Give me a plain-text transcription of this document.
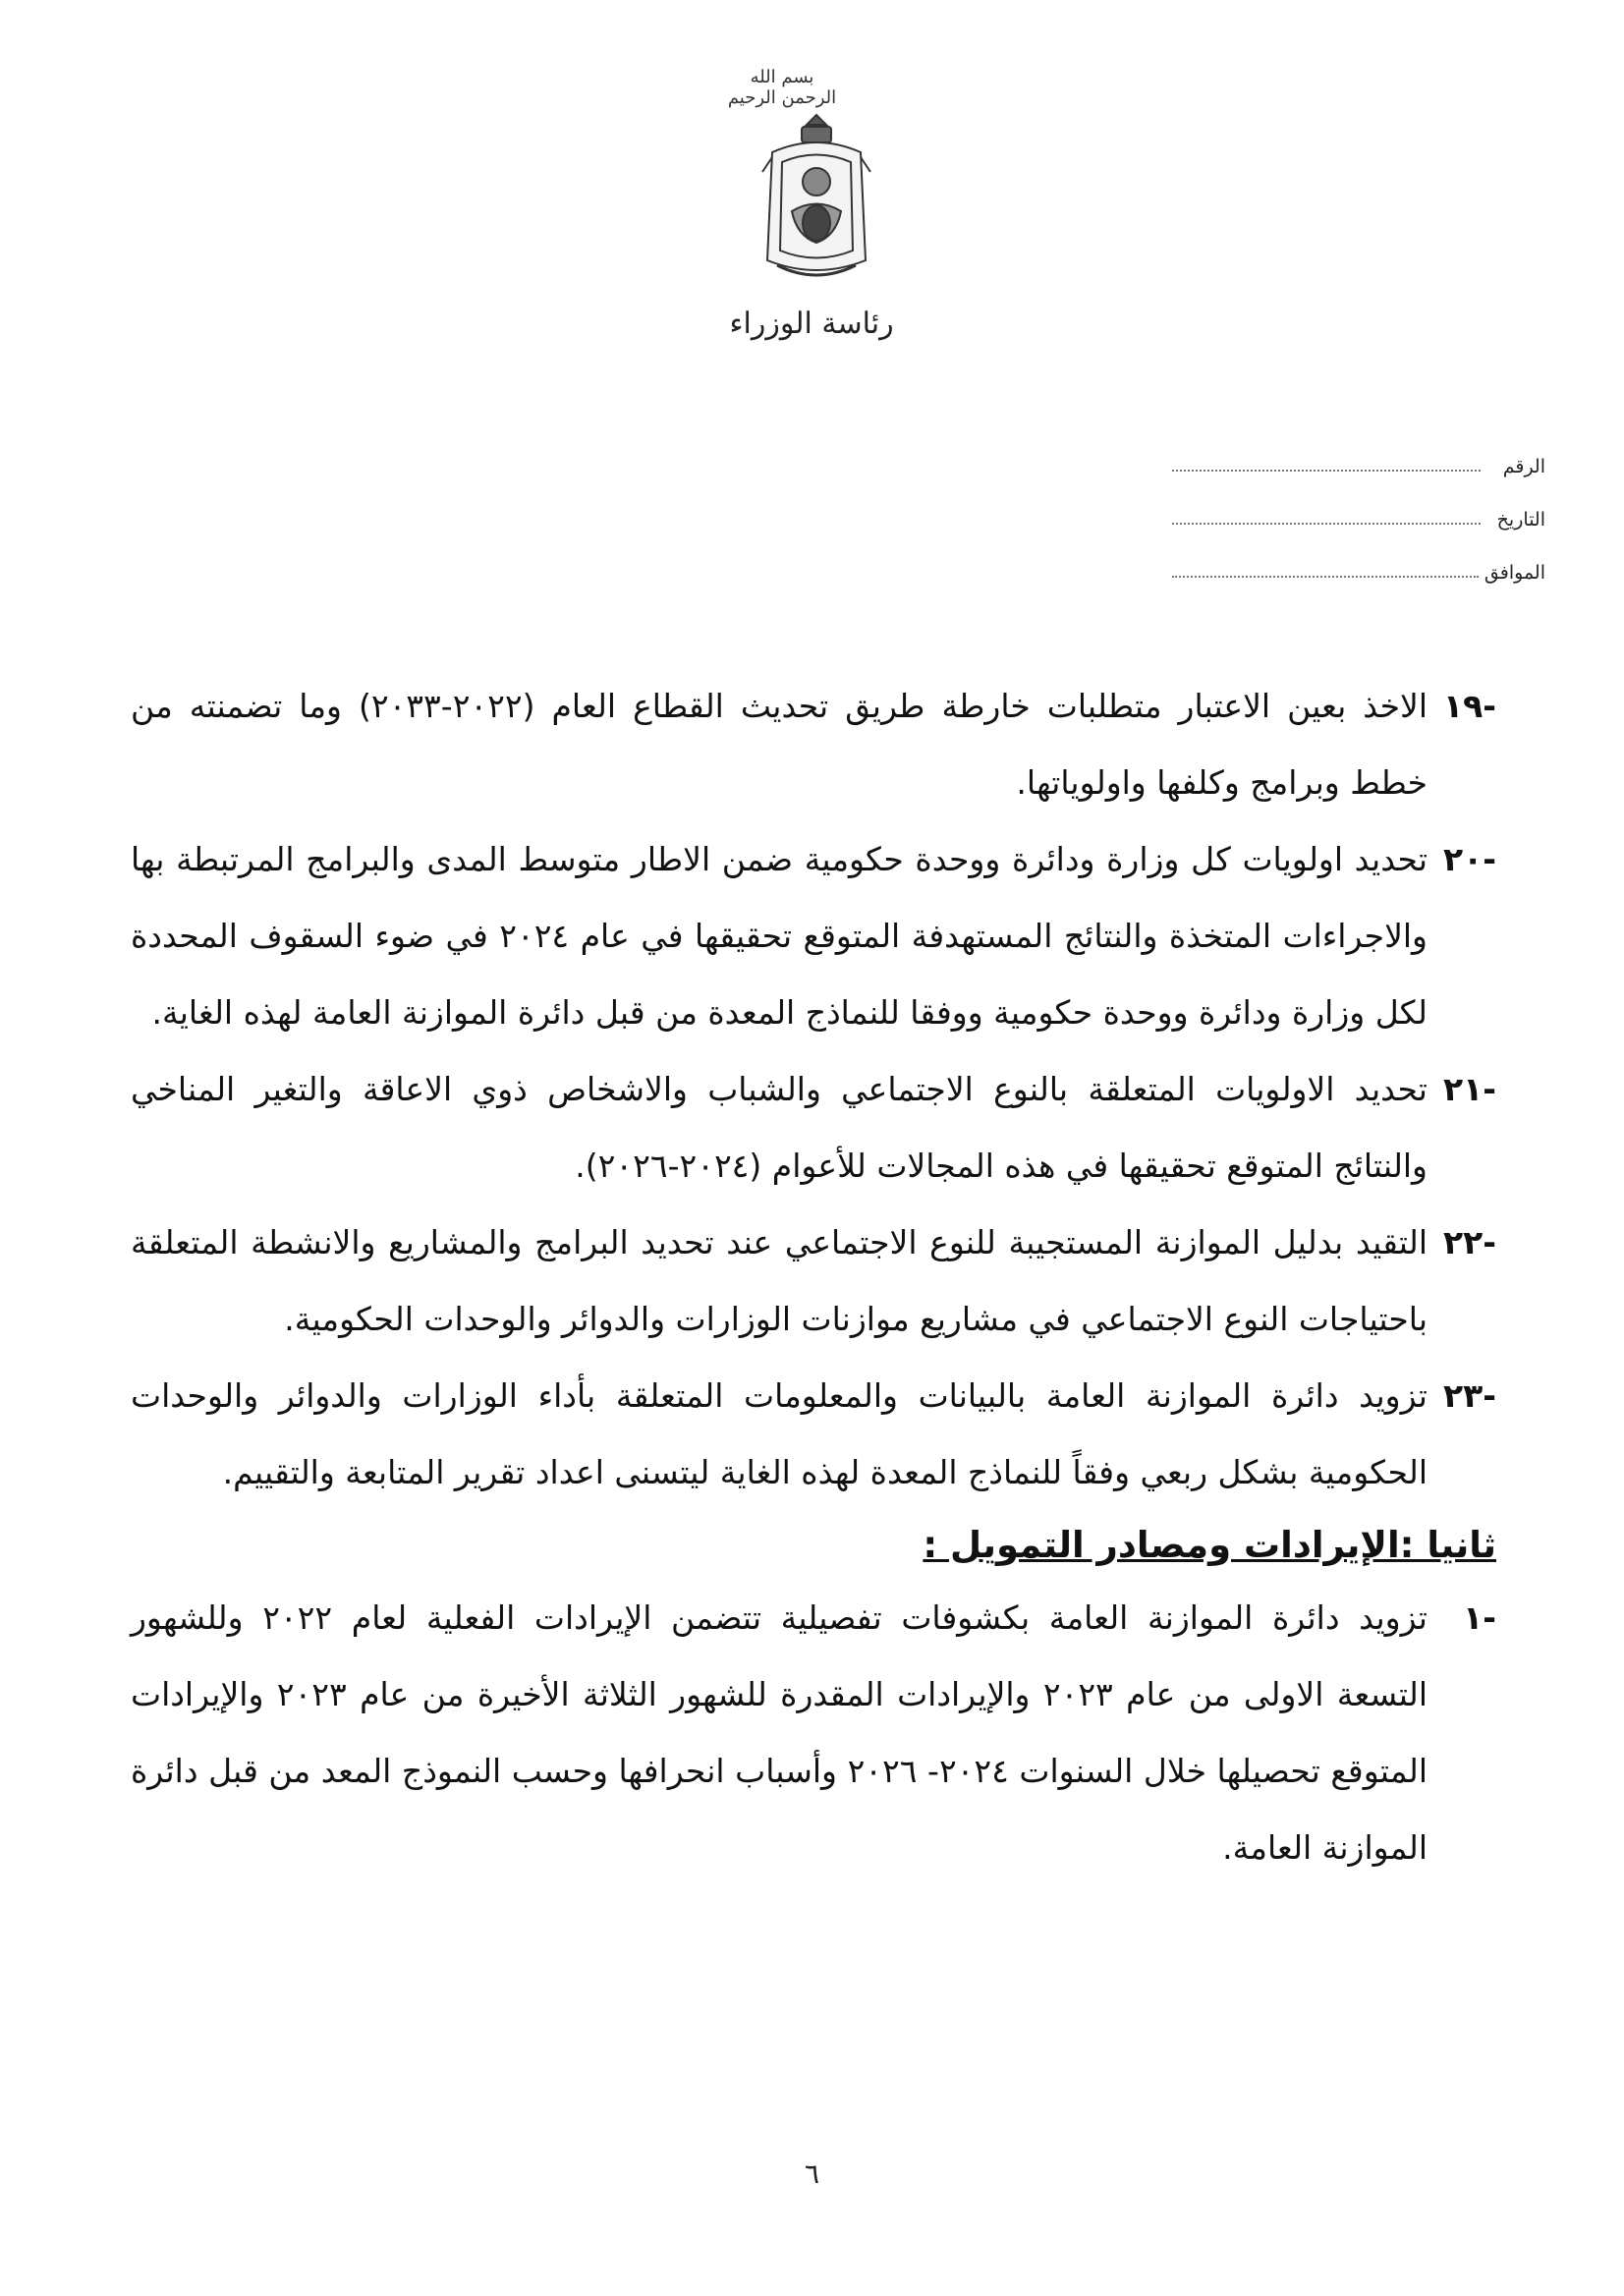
بسم الله الرحمن الرحيم
رئاسة الوزراء
الرقم
التاريخ
الموافق
-١٩
الاخذ بعين الاعتبار متطلبات خارطة طريق تحديث القطاع العام (٢٠٢٢-٢٠٣٣) وما تضمنته من خطط وبرامج وكلفها واولوياتها.
-٢٠
تحديد اولويات كل وزارة ودائرة ووحدة حكومية ضمن الاطار متوسط المدى والبرامج المرتبطة بها والاجراءات المتخذة والنتائج المستهدفة المتوقع تحقيقها في عام ٢٠٢٤ في ضوء السقوف المحددة لكل وزارة ودائرة ووحدة حكومية ووفقا للنماذج المعدة من قبل دائرة الموازنة العامة لهذه الغاية.
-٢١
تحديد الاولويات المتعلقة بالنوع الاجتماعي والشباب والاشخاص ذوي الاعاقة والتغير المناخي والنتائج المتوقع تحقيقها في هذه المجالات للأعوام (٢٠٢٤-٢٠٢٦).
-٢٢
التقيد بدليل الموازنة المستجيبة للنوع الاجتماعي عند تحديد البرامج والمشاريع والانشطة المتعلقة باحتياجات النوع الاجتماعي في مشاريع موازنات الوزارات والدوائر والوحدات الحكومية.
-٢٣
تزويد دائرة الموازنة العامة بالبيانات والمعلومات المتعلقة بأداء الوزارات والدوائر والوحدات الحكومية بشكل ربعي وفقاً للنماذج المعدة لهذه الغاية ليتسنى اعداد تقرير المتابعة والتقييم.
ثانيا :الإيرادات ومصادر التمويل :
-١
تزويد دائرة الموازنة العامة بكشوفات تفصيلية تتضمن الإيرادات الفعلية لعام ٢٠٢٢ وللشهور التسعة الاولى من عام ٢٠٢٣ والإيرادات المقدرة للشهور الثلاثة الأخيرة من عام ٢٠٢٣ والإيرادات المتوقع تحصيلها خلال السنوات ٢٠٢٤- ٢٠٢٦ وأسباب انحرافها وحسب النموذج المعد من قبل دائرة الموازنة العامة.
٦
